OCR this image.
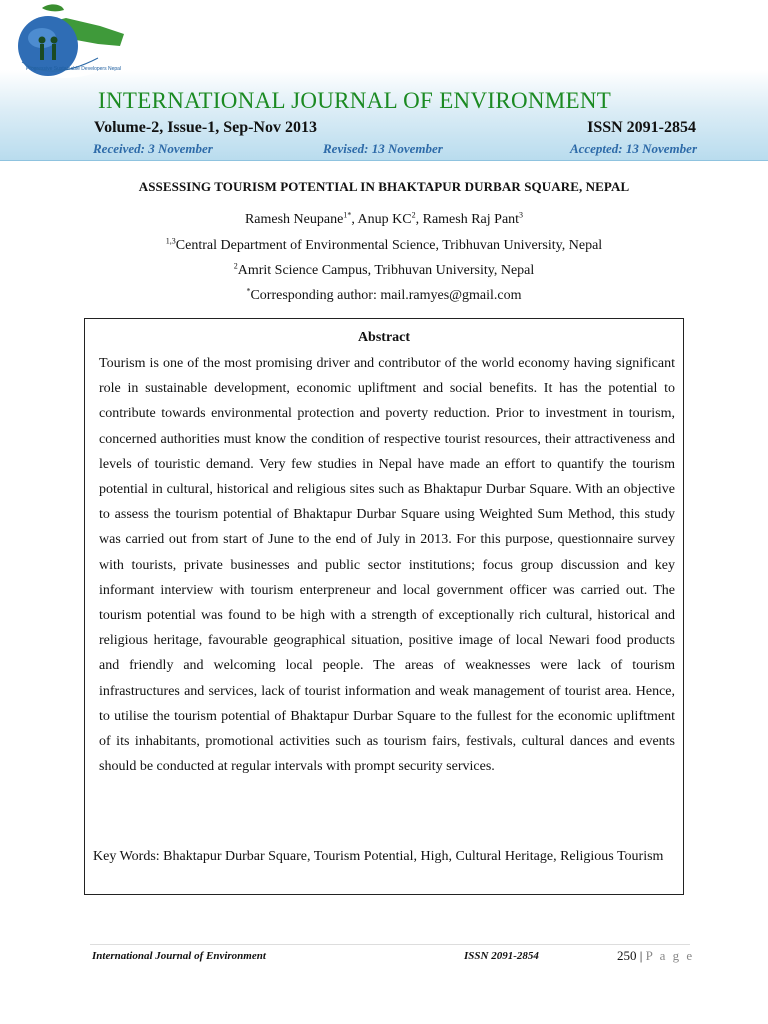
Progressive Sustainable Developers Nepal
INTERNATIONAL JOURNAL OF ENVIRONMENT
Volume-2, Issue-1, Sep-Nov 2013	ISSN 2091-2854
Received: 3 November	Revised: 13 November	Accepted: 13 November
ASSESSING TOURISM POTENTIAL IN BHAKTAPUR DURBAR SQUARE, NEPAL
Ramesh Neupane$^{1*}$, Anup $KC^2$, Ramesh Raj Pant$^3$
$^{1,3}$Central Department of Environmental Science, Tribhuvan University, Nepal
$^2$Amrit Science Campus, Tribhuvan University, Nepal
*Corresponding author: mail.ramyes@gmail.com
Abstract

Tourism is one of the most promising driver and contributor of the world economy having significant role in sustainable development, economic upliftment and social benefits. It has the potential to contribute towards environmental protection and poverty reduction. Prior to investment in tourism, concerned authorities must know the condition of respective tourist resources, their attractiveness and levels of touristic demand. Very few studies in Nepal have made an effort to quantify the tourism potential in cultural, historical and religious sites such as Bhaktapur Durbar Square. With an objective to assess the tourism potential of Bhaktapur Durbar Square using Weighted Sum Method, this study was carried out from start of June to the end of July in 2013. For this purpose, questionnaire survey with tourists, private businesses and public sector institutions; focus group discussion and key informant interview with tourism enterpreneur and local government officer was carried out. The tourism potential was found to be high with a strength of exceptionally rich cultural, historical and religious heritage, favourable geographical situation, positive image of local Newari food products and friendly and welcoming local people. The areas of weaknesses were lack of tourism infrastructures and services, lack of tourist information and weak management of tourist area. Hence, to utilise the tourism potential of Bhaktapur Durbar Square to the fullest for the economic upliftment of its inhabitants, promotional activities such as tourism fairs, festivals, cultural dances and events should be conducted at regular intervals with prompt security services.

Key Words: Bhaktapur Durbar Square, Tourism Potential, High, Cultural Heritage, Religious Tourism
International Journal of Environment	ISSN 2091-2854	250 | P a g e
